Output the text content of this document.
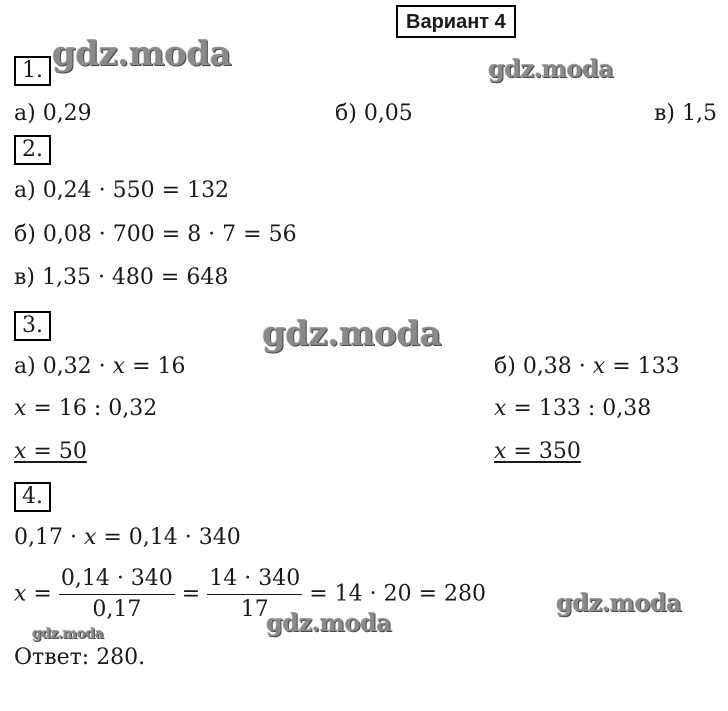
Вариант 4
gdz.moda	gdz.moda
gdz.moda
gdz.moda
gdz.moda
gdz.moda
1.
а) 0,29	б) 0,05	в) 1,5
2.
а) 0,24 · 550 = 132
б) 0,08 · 700 = 8 · 7 = 56
в) 1,35 · 480 = 648
3.
а) 0,32 · x = 16
x = 16 : 0,32
x = 50
б) 0,38 · x = 133
x = 133 : 0,38
x = 350
4.
0,17 · x = 0,14 · 340
$x = \frac{0,14 \cdot 340}{0,17} = \frac{14 \cdot 340}{17} = 14 \cdot 20 = 280$
Ответ: 280.
